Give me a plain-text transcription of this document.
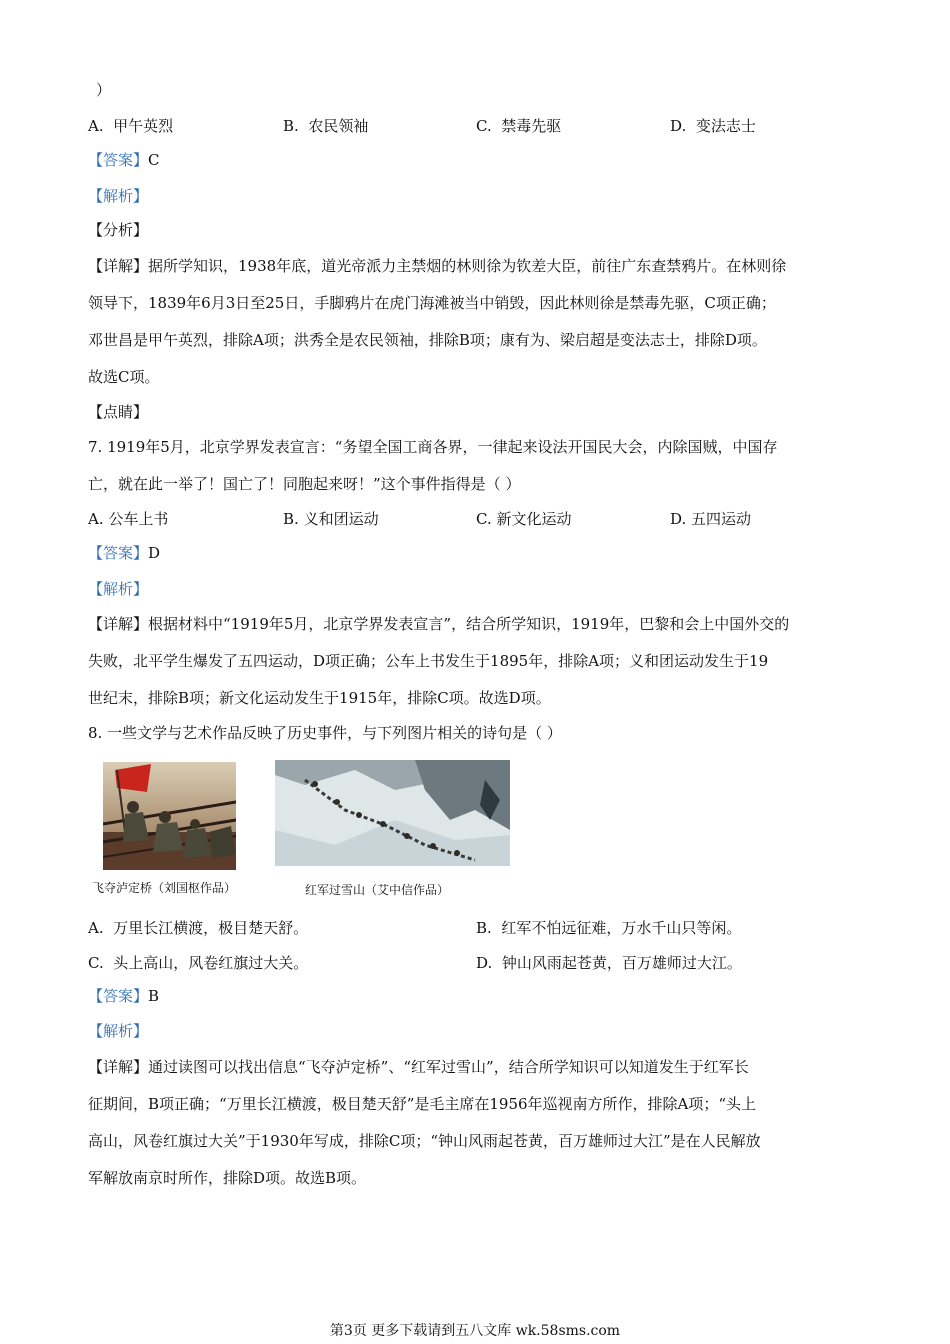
）
A. 甲午英烈	B. 农民领袖	C. 禁毒先驱	D. 变法志士
【答案】C
【解析】
【分析】
【详解】据所学知识，1938年底，道光帝派力主禁烟的林则徐为钦差大臣，前往广东查禁鸦片。在林则徐
领导下，1839年6月3日至25日，手脚鸦片在虎门海滩被当中销毁，因此林则徐是禁毒先驱，C项正确；
邓世昌是甲午英烈，排除A项；洪秀全是农民领袖，排除B项；康有为、梁启超是变法志士，排除D项。
故选C项。
【点睛】
7. 1919年5月，北京学界发表宣言：“务望全国工商各界，一律起来设法开国民大会，内除国贼，中国存
亡，就在此一举了！国亡了！同胞起来呀！”这个事件指得是（ ）
A. 公车上书	B. 义和团运动	C. 新文化运动	D. 五四运动
【答案】D
【解析】
【详解】根据材料中“1919年5月，北京学界发表宣言”，结合所学知识，1919年，巴黎和会上中国外交的
失败，北平学生爆发了五四运动，D项正确；公车上书发生于1895年，排除A项；义和团运动发生于19
世纪末，排除B项；新文化运动发生于1915年，排除C项。故选D项。
8. 一些文学与艺术作品反映了历史事件，与下列图片相关的诗句是（ ）
飞夺泸定桥（刘国枢作品）	红军过雪山（艾中信作品）
A. 万里长江横渡，极目楚天舒。	B. 红军不怕远征难，万水千山只等闲。
C. 头上高山，风卷红旗过大关。	D. 钟山风雨起苍黄，百万雄师过大江。
【答案】B
【解析】
【详解】通过读图可以找出信息“飞夺泸定桥”、“红军过雪山”，结合所学知识可以知道发生于红军长
征期间，B项正确；“万里长江横渡，极目楚天舒”是毛主席在1956年巡视南方所作，排除A项；“头上
高山，风卷红旗过大关”于1930年写成，排除C项；“钟山风雨起苍黄，百万雄师过大江”是在人民解放
军解放南京时所作，排除D项。故选B项。
第3页 更多下载请到五八文库 wk.58sms.com
